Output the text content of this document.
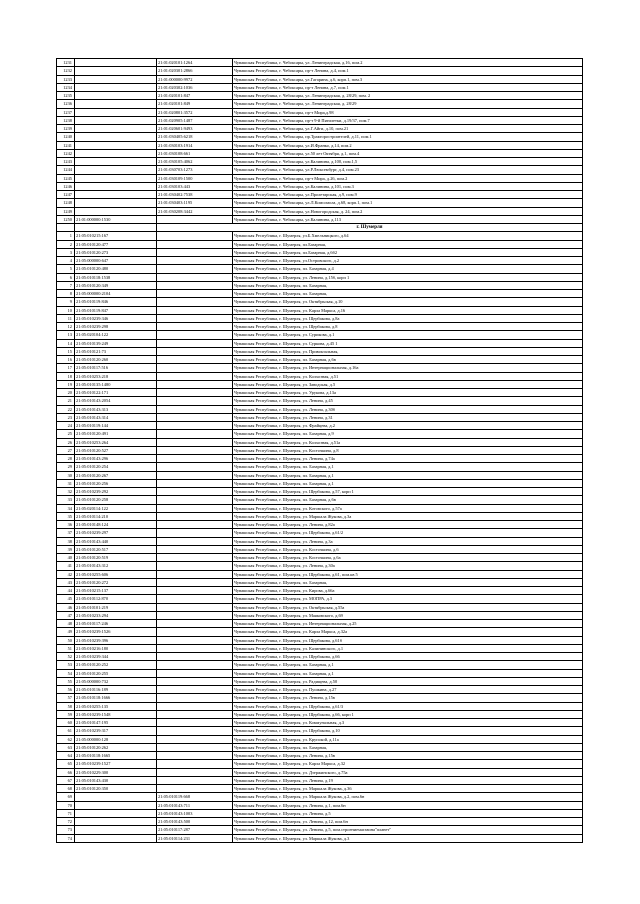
1231		21:01:020101:1264	Чувашская Республика, г. Чебоксары, ул. Ленинградская, д.16, пом.2
1232		21:01:020301:2866	Чувашская Республика, г. Чебоксары, пр-т Ленина, д.4, пом.1
1233		21:01:000000:9972	Чувашская Республика, г. Чебоксары, ул.Гагарина, д.6, корп.1, пом.3
1234		21:01:020302:1036	Чувашская Республика, г. Чебоксары, пр-т Ленина, д.7, пом.1
1235		21:01:020101:847	Чувашская Республика, г. Чебоксары, ул. Ленинградская, д. 28/29, пом. 2
1236		21:01:020101:849	Чувашская Республика, г. Чебоксары, ул. Ленинградская, д. 28/29
1237		21:01:020801:3572	Чувашская Республика, г. Чебоксары, пр-т Мира,д.98
1238		21:01:020905:1487	Чувашская Республика, г. Чебоксары, пр-т 9-й Пятилетки, д.19/37, пом.7
1239		21:01:020601:9493	Чувашская Республика, г. Чебоксары, ул.Г.Айги, д.10, пом.21
1240		21:01:030405:6218	Чувашская Республика, г. Чебоксары, пр.Тракторостроителей, д.11, пом.1
1241		21:01:030103:1914	Чувашская Республика, г. Чебоксары, ул.И.Франко, д.14, пом.2
1242		21:01:030108:661	Чувашская Республика, г. Чебоксары, ул.50 лет Октября, д.1, пом.4
1243		21:01:030105:4062	Чувашская Республика, г. Чебоксары, ул.Калинина, д.100, пом.1,5
1244		21:01:030703:1273	Чувашская Республика, г. Чебоксары, ул.Р.Люксембург, д.4, пом.23
1245		21:01:030109:1500	Чувашская Республика, г. Чебоксары, пр-т Мира, д.26, пом.2
1246		21:01:030103:443	Чувашская Республика, г. Чебоксары, ул.Калинина, д.101, пом.3
1247		21:01:030402:7538	Чувашская Республика, г. Чебоксары, ул.Пролетарская, д.9, пом.9
1248		21:01:030403:1195	Чувашская Республика, г. Чебоксары, ул.Л.Комсомола, д.68, корп.1, пом.1
1249		21:01:030208:3442	Чувашская Республика, г. Чебоксары, ул.Новогородская, д. 24, пом.2
1250	21:01:000000:1530		Чувашская Республика, г. Чебоксары, ул.Калинина, д.113
		г. Шумерля	
1	21:05:010215:167		Чувашская Республика, г. Шумерля, ул.Б.Хмельницкого, д.64
2	21:05:010120:477		Чувашская Республика, г. Шумерля, пл.Базарная,
3	21:05:010120:273		Чувашская Республика, г. Шумерля, пл.Базарная, д.6б2
4	21:05:000000:647		Чувашская Республика, г. Шумерля, ул.Островского, д.2
5	21:05:010120:480		Чувашская Республика, г. Шумерля, пл. Базарная, д.4
6	21:05:010118:1538		Чувашская Республика, г. Шумерля, ул. Ленина, д.15б, корп 1
7	21:05:010120:349		Чувашская Республика, г. Шумерля, пл. Базарная,
8	21:05:000000:2104		Чувашская Республика, г. Шумерля, пл. Базарная,
9	21:05:010119:846		Чувашская Республика, г. Шумерля, ул. Октябрьская, д.10
10	21:05:010119:847		Чувашская Республика, г. Шумерля, ул. Карла Маркса, д.16
11	21:05:010239:346		Чувашская Республика, г. Шумерля, ул. Щербакова, д.8а
12	21:05:010239:298		Чувашская Республика, г. Шумерля, ул. Щербакова, д.8
13	21:05:020104:122		Чувашская Республика, г. Шумерля, ул. Сурикова, д.1
14	21:05:010139:249		Чувашская Республика, г. Шумерля, ул. Суркова, д.45 1
15	21:05:010121:73		Чувашская Республика, г. Шумерля, ул. Привокзальная,
16	21:05:010120:260		Чувашская Республика, г. Шумерля, пл. Базарная, д.6в
17	21:05:010117:516		Чувашская Республика, г. Шумерля, ул. Интернациональная, д.16а
18	21:05:010253:218		Чувашская Республика, г. Шумерля, ул. Колхозная, д.51
19	21:05:010135:1480		Чувашская Республика, г. Шумерля, ул. Заводская, д.5
20	21:05:010122:171		Чувашская Республика, г. Шумерля, ул. Урукова, д.13а
21	21:05:010143:2054		Чувашская Республика, г. Шумерля, ул. Ленина, д.45
22	21:05:010143:313		Чувашская Республика, г. Шумерля, ул. Ленина, д.30б
23	21:05:010143:314		Чувашская Республика, г. Шумерля, ул. Ленина, д.31
24	21:05:010119:144		Чувашская Республика, г. Шумерля, ул. Фрайцева, д.2
25	21:05:010120:491		Чувашская Республика, г. Шумерля, пл. Базарная, д.9
26	21:05:010253:264		Чувашская Республика, г. Шумерля, ул. Колхозная, д.51а
27	21:05:010120:527		Чувашская Республика, г. Шумерля, ул. Косточкина, д.8
28	21:05:010143:296		Чувашская Республика, г. Шумерля, ул. Ленина, д.74а
29	21:05:010120:254		Чувашская Республика, г. Шумерля, пл. Базарная, д.1
30	21:05:010120:267		Чувашская Республика, г. Шумерля, пл. Базарная, д.1
31	21:05:010120:256		Чувашская Республика, г. Шумерля, пл. Базарная, д.1
32	21:05:010239:292		Чувашская Республика, г. Шумерля, ул. Щербакова, д.57, корп 1
33	21:05:010120:258		Чувашская Республика, г. Шумерля, пл. Базарная, д.6в
34	21:05:020114:122		Чувашская Республика, г. Шумерля, ул. Котовского, д.57а
35	21:05:010114:210		Чувашская Республика, г. Шумерля, ул. Маршала Жукова, д.3а
36	21:05:010148:124		Чувашская Республика, г. Шумерля, ул. Ленина, д.82а
37	21:05:010239:297		Чувашская Республика, г. Шумерля, ул. Щербакова, д.61/2
38	21:05:010143:440		Чувашская Республика, г. Шумерля, ул. Ленина, д.3а
39	21:05:010120:517		Чувашская Республика, г. Шумерля, ул. Косточкина, д.6
40	21:05:010120:519		Чувашская Республика, г. Шумерля, ул. Косточкина, д.6а
41	21:05:010143:312		Чувашская Республика, г. Шумерля, ул. Ленина, д.30а
42	21:05:010255:606		Чувашская Республика, г. Шумерля, ул. Щербакова, д.61, пом.кв 5
43	21:05:010120:272		Чувашская Республика, г. Шумерля, пл. Базарная,
44	21:05:010215:137		Чувашская Республика, г. Шумерля, ул. Кирова, д.66а
45	21:05:010112:870		Чувашская Республика, г. Шумерля, ул. МОПРА, д.3
46	21:05:010101:219		Чувашская Республика, г. Шумерля, ул. Октябрьская, д.55а
47	21:05:010233:294		Чувашская Республика, г. Шумерля, ул. Маяковского, д.69
48	21:05:010117:246		Чувашская Республика, г. Шумерля, ул. Интернациональная, д.25
49	21:05:010239:1526		Чувашская Республика, г. Шумерля, ул. Карла Маркса, д.32а
50	21:05:010239:396		Чувашская Республика, г. Шумерля, ул. Щербакова, д.61б
51	21:05:010216:180		Чувашская Республика, г. Шумерля, ул. Калининского, д.1
52	21:05:010239:344		Чувашская Республика, г. Шумерля, ул. Щербакова, д.66
53	21:05:010120:252		Чувашская Республика, г. Шумерля, пл. Базарная, д.1
54	21:05:010120:255		Чувашская Республика, г. Шумерля, пл. Базарная, д.1
55	21:05:000000:732		Чувашская Республика, г. Шумерля, ул. Радищева, д.50
56	21:05:010116:189		Чувашская Республика, г. Шумерля, ул. Пушкина, д.27
57	21:05:010118:1666		Чувашская Республика, г. Шумерля, ул. Ленина, д.15в
58	21:05:010255:135		Чувашская Республика, г. Шумерля, ул. Щербакова, д.61/3
59	21:05:010239:1548		Чувашская Республика, г. Шумерля, ул. Щербакова, д.66, корп 1
60	21:05:010147:195		Чувашская Республика, г. Шумерля, ул. Коммунальная, д.3
61	21:05:010239:317		Чувашская Республика, г. Шумерля, ул. Щербакова, д.10
62	21:05:000000:128		Чувашская Республика, г. Шумерля, ул. Крупской, д.11а
63	21:05:010120:262		Чувашская Республика, г. Шумерля, пл. Базарная,
64	21:05:010118:1665		Чувашская Республика, г. Шумерля, ул. Ленина, д.15в
65	21:05:010239:1527		Чувашская Республика, г. Шумерля, ул. Карла Маркса, д.32
66	21:05:010229:300		Чувашская Республика, г. Шумерля, ул. Дзержинского, д.75а
67	21:05:010143:430		Чувашская Республика, г. Шумерля, ул. Ленина, д.19
68	21:05:010120:350		Чувашская Республика, г. Шумерля, ул. Маршала Жукова, д.36
69		21:05:010119:668	Чувашская Республика, г. Шумерля, ул. Маршала Жукова, д.2, пом.6н
70		21:05:010143:711	Чувашская Республика, г. Шумерля, ул. Ленина, д.1, пом.6н
71		21:05:010143:1003	Чувашская Республика, г. Шумерля, ул. Ленина, д.5
72		21:05:010143:500	Чувашская Республика, г. Шумерля, ул. Ленина, д.12, пом.6н
73		21:05:010117:287	Чувашская Республика, г. Шумерля, ул. Ленина, д.5, пом.строениемагазина"планет"
74		21:05:010114:231	Чувашская Республика, г. Шумерля, ул. Маршала Жукова, д.3
